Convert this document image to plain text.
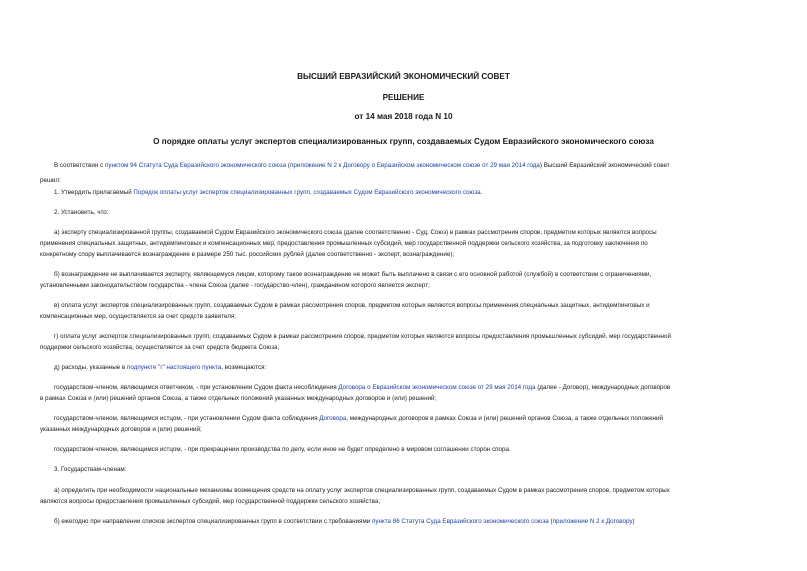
ВЫСШИЙ ЕВРАЗИЙСКИЙ ЭКОНОМИЧЕСКИЙ СОВЕТ
РЕШЕНИЕ
от 14 мая 2018 года N 10
О порядке оплаты услуг экспертов специализированных групп, создаваемых Судом Евразийского экономического союза
В соответствии с пунктом 94 Статута Суда Евразийского экономического союза (приложение N 2 к Договору о Евразийском экономическом союзе от 29 мая 2014 года) Высший Евразийский экономический совет
решил:
1. Утвердить прилагаемый Порядок оплаты услуг экспертов специализированных групп, создаваемых Судом Евразийского экономического союза.
2. Установить, что:
а) эксперту специализированной группы, создаваемой Судом Евразийского экономического союза (далее соответственно - Суд, Союз) в рамках рассмотрения споров, предметом которых являются вопросы
применения специальных защитных, антидемпинговых и компенсационных мер, предоставления промышленных субсидий, мер государственной поддержки сельского хозяйства, за подготовку заключения по
конкретному спору выплачивается вознаграждение в размере 250 тыс. российских рублей (далее соответственно - эксперт, вознаграждение);
б) вознаграждение не выплачивается эксперту, являющемуся лицом, которому такое вознаграждение не может быть выплачено в связи с его основной работой (службой) в соответствии с ограничениями,
установленными законодательством государства - члена Союза (далее - государство-член), гражданином которого является эксперт;
в) оплата услуг экспертов специализированных групп, создаваемых Судом в рамках рассмотрения споров, предметом которых являются вопросы применения специальных защитных, антидемпинговых и
компенсационных мер, осуществляется за счет средств заявителя;
г) оплата услуг экспертов специализированных групп, создаваемых Судом в рамках рассмотрения споров, предметом которых являются вопросы предоставления промышленных субсидий, мер государственной
поддержки сельского хозяйства, осуществляется за счет средств бюджета Союза;
д) расходы, указанные в подпункте "г" настоящего пункта, возмещаются:
государством-членом, являющимся ответчиком, - при установлении Судом факта несоблюдения Договора о Евразийском экономическом союзе от 29 мая 2014 года (далее - Договор), международных договоров
в рамках Союза и (или) решений органов Союза, а также отдельных положений указанных международных договоров и (или) решений;
государством-членом, являющимся истцом, - при установлении Судом факта соблюдения Договора, международных договоров в рамках Союза и (или) решений органов Союза, а также отдельных положений
указанных международных договоров и (или) решений;
государством-членом, являющимся истцом, - при прекращении производства по делу, если иное не будет определено в мировом соглашении сторон спора.
3. Государствам-членам:
а) определить при необходимости национальные механизмы возмещения средств на оплату услуг экспертов специализированных групп, создаваемых Судом в рамках рассмотрения споров, предметом которых
являются вопросы предоставления промышленных субсидий, мер государственной поддержки сельского хозяйства;
б) ежегодно при направлении списков экспертов специализированных групп в соответствии с требованиями пункта 86 Статута Суда Евразийского экономического союза (приложение N 2 к Договору)
